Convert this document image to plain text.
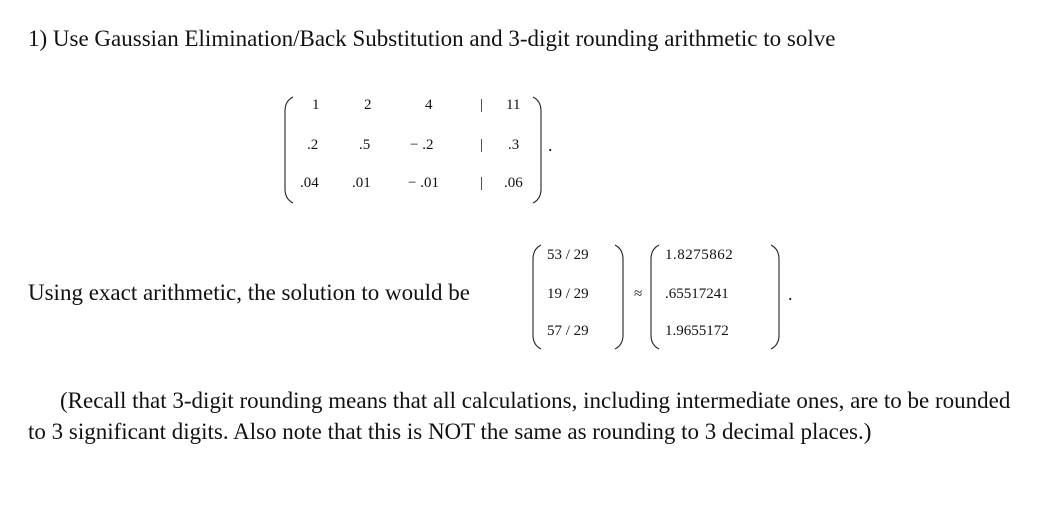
1) Use Gaussian Elimination/Back Substitution and 3-digit rounding arithmetic to solve
1	2	4	| 11
.2	.5	− .2	| .3
.04 .01 − .01	| .06
.
Using exact arithmetic, the solution to would be
53 / 29
19 / 29
57 / 29
≈
1.8275862
.65517241
1.9655172
.
(Recall that 3-digit rounding means that all calculations, including intermediate ones, are to be rounded to 3 significant digits. Also note that this is NOT the same as rounding to 3 decimal places.)
